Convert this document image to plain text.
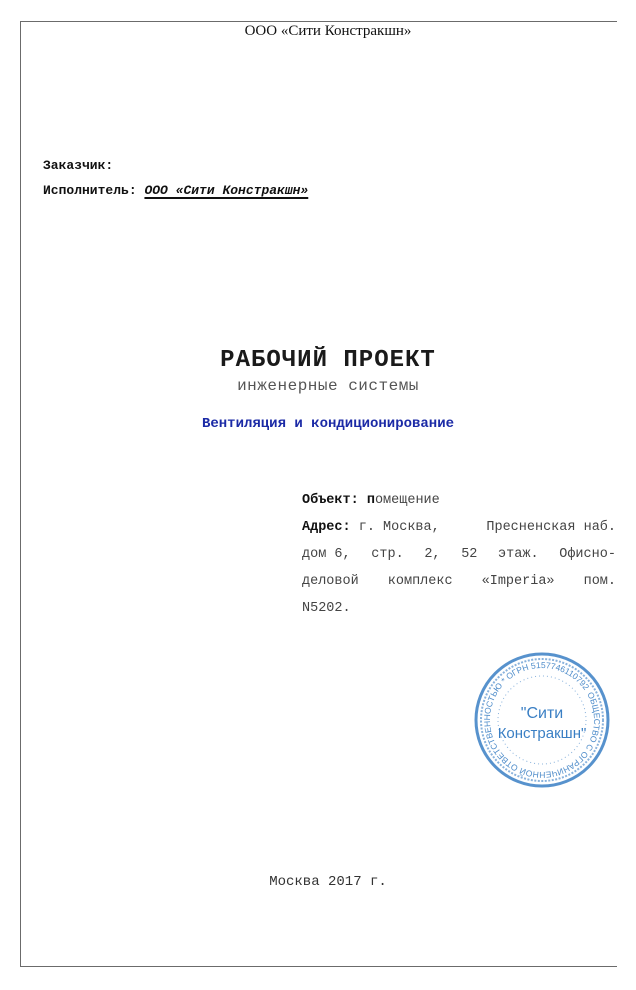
ООО «Сити Констракшн»
Заказчик:
Исполнитель: ООО «Сити Констракшн»
РАБОЧИЙ ПРОЕКТ
инженерные системы
Вентиляция и кондиционирование
Объект:
п омещение
Адрес: г. Москва,	Пресненская наб.
дом 6, стр. 2, 52 этаж. Офисно-
деловой комплекс «Imperia» пом.
N5202.
ОБЩЕСТВО С ОГРАНИЧЕННОЙ ОТВЕТСТВЕННОСТЬЮ * ОГРН 5157746110792
"Сити
Констракшн"
Москва 2017 г.
